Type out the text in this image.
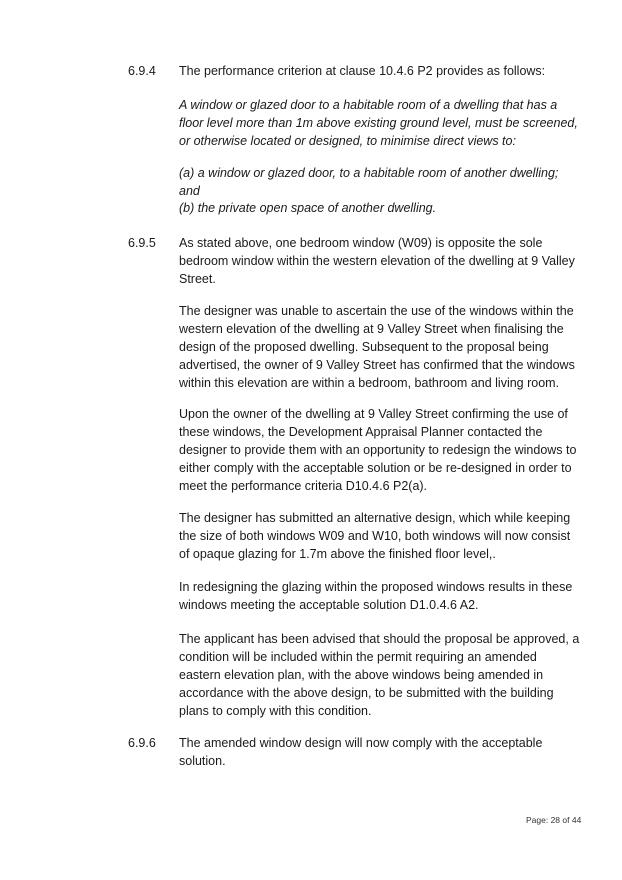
6.9.4 The performance criterion at clause 10.4.6 P2 provides as follows:

A window or glazed door to a habitable room of a dwelling that has a floor level more than 1m above existing ground level, must be screened, or otherwise located or designed, to minimise direct views to:

(a) a window or glazed door, to a habitable room of another dwelling; and

(b) the private open space of another dwelling.

6.9.5 As stated above, one bedroom window (W09) is opposite the sole bedroom window within the western elevation of the dwelling at 9 Valley Street.

The designer was unable to ascertain the use of the windows within the western elevation of the dwelling at 9 Valley Street when finalising the design of the proposed dwelling. Subsequent to the proposal being advertised, the owner of 9 Valley Street has confirmed that the windows within this elevation are within a bedroom, bathroom and living room.

Upon the owner of the dwelling at 9 Valley Street confirming the use of these windows, the Development Appraisal Planner contacted the designer to provide them with an opportunity to redesign the windows to either comply with the acceptable solution or be re-designed in order to meet the performance criteria D10.4.6 P2(a).

The designer has submitted an alternative design, which while keeping the size of both windows W09 and W10, both windows will now consist of opaque glazing for 1.7m above the finished floor level,.

In redesigning the glazing within the proposed windows results in these windows meeting the acceptable solution D1.0.4.6 A2.

The applicant has been advised that should the proposal be approved, a condition will be included within the permit requiring an amended eastern elevation plan, with the above windows being amended in accordance with the above design, to be submitted with the building plans to comply with this condition.

6.9.6 The amended window design will now comply with the acceptable solution.

Page: 28 of 44
